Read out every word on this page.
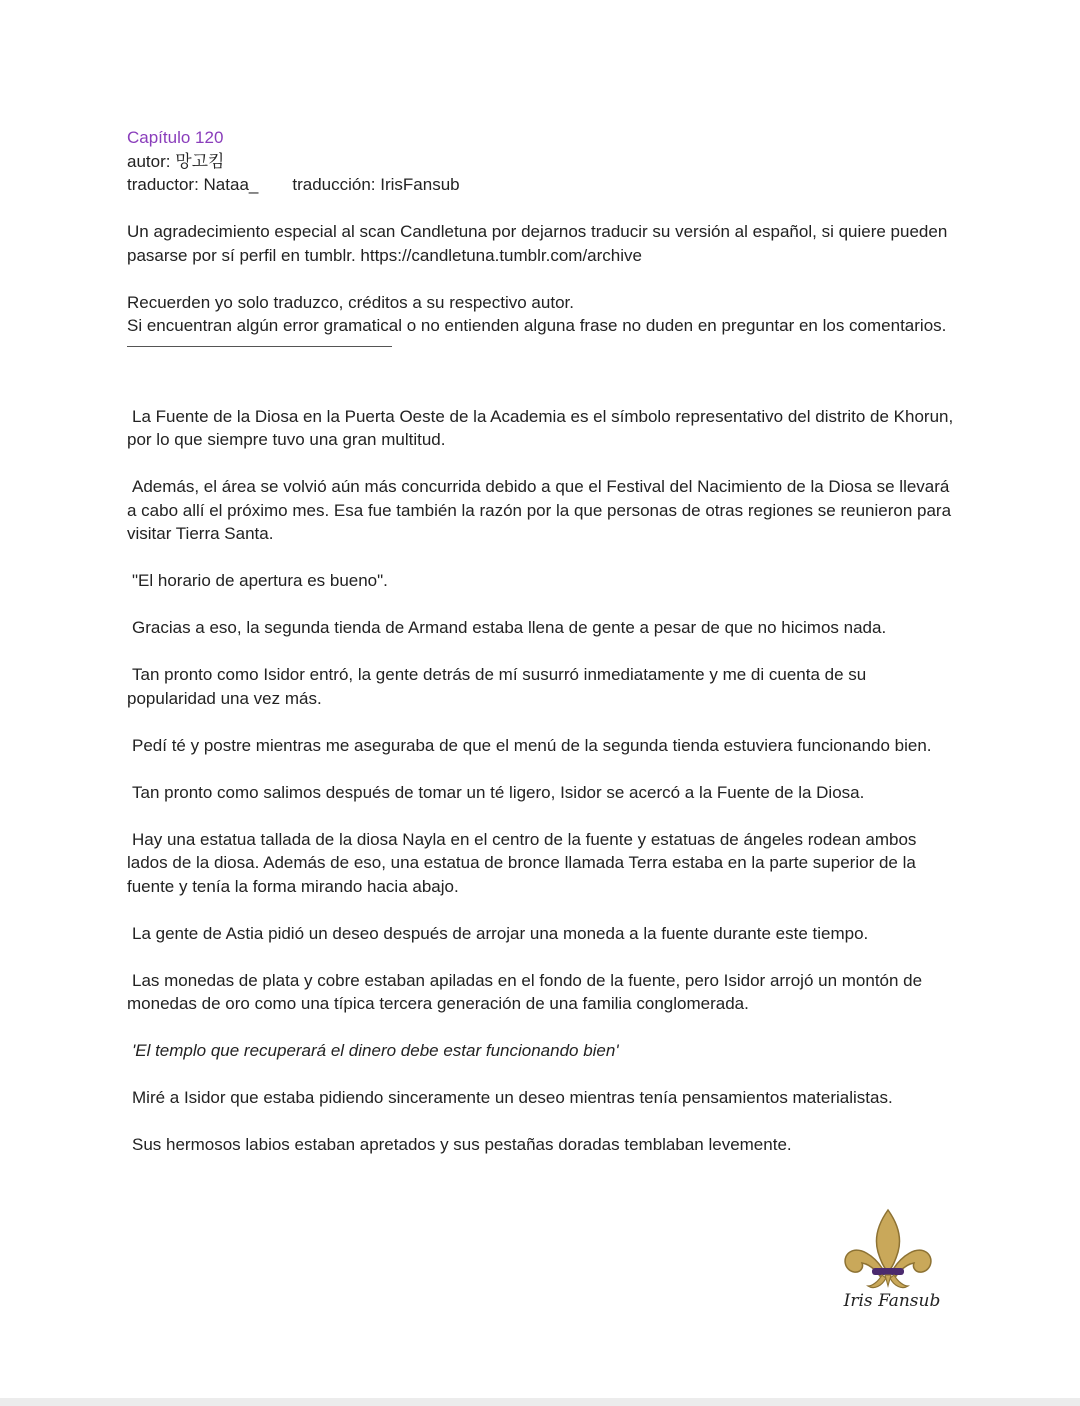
Capítulo 120

autor: 망고킴

traductor: Nataa_ traducción: IrisFansub

Un agradecimiento especial al scan Candletuna por dejarnos traducir su versión al español, si quiere pueden pasarse por sí perfil en tumblr. https://candletuna.tumblr.com/archive

Recuerden yo solo traduzco, créditos a su respectivo autor.

Si encuentran algún error gramatical o no entienden alguna frase no duden en preguntar en los comentarios.

La Fuente de la Diosa en la Puerta Oeste de la Academia es el símbolo representativo del distrito de Khorun, por lo que siempre tuvo una gran multitud.

Además, el área se volvió aún más concurrida debido a que el Festival del Nacimiento de la Diosa se llevará a cabo allí el próximo mes. Esa fue también la razón por la que personas de otras regiones se reunieron para visitar Tierra Santa.

"El horario de apertura es bueno".

Gracias a eso, la segunda tienda de Armand estaba llena de gente a pesar de que no hicimos nada.

Tan pronto como Isidor entró, la gente detrás de mí susurró inmediatamente y me di cuenta de su popularidad una vez más.

Pedí té y postre mientras me aseguraba de que el menú de la segunda tienda estuviera funcionando bien.

Tan pronto como salimos después de tomar un té ligero, Isidor se acercó a la Fuente de la Diosa.

Hay una estatua tallada de la diosa Nayla en el centro de la fuente y estatuas de ángeles rodean ambos lados de la diosa. Además de eso, una estatua de bronce llamada Terra estaba en la parte superior de la fuente y tenía la forma mirando hacia abajo.

La gente de Astia pidió un deseo después de arrojar una moneda a la fuente durante este tiempo.

Las monedas de plata y cobre estaban apiladas en el fondo de la fuente, pero Isidor arrojó un montón de monedas de oro como una típica tercera generación de una familia conglomerada.

'El templo que recuperará el dinero debe estar funcionando bien'

Miré a Isidor que estaba pidiendo sinceramente un deseo mientras tenía pensamientos materialistas.

Sus hermosos labios estaban apretados y sus pestañas doradas temblaban levemente.

Iris Fansub
